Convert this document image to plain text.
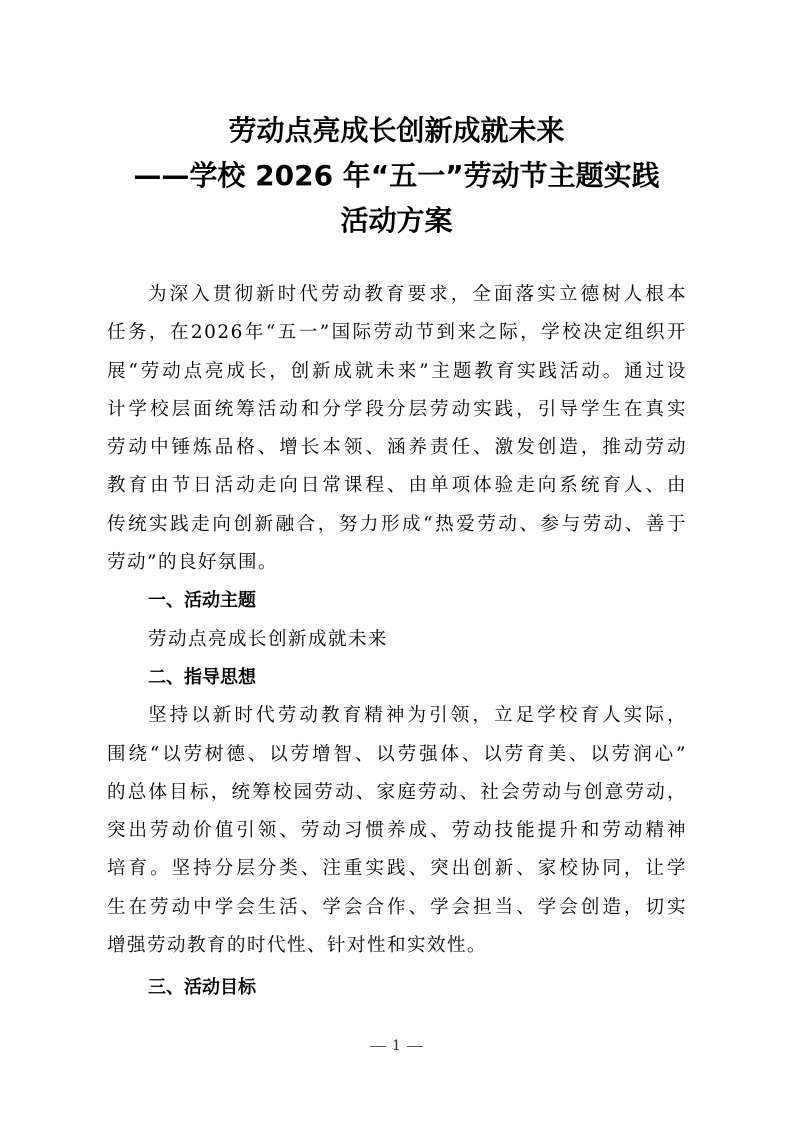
劳动点亮成长创新成就未来
——学校 2026 年“五一”劳动节主题实践
活动方案
为深入贯彻新时代劳动教育要求，全面落实立德树人根本
任务，在2026年“五一”国际劳动节到来之际，学校决定组织开
展“劳动点亮成长，创新成就未来”主题教育实践活动。通过设
计学校层面统筹活动和分学段分层劳动实践，引导学生在真实
劳动中锤炼品格、增长本领、涵养责任、激发创造，推动劳动
教育由节日活动走向日常课程、由单项体验走向系统育人、由
传统实践走向创新融合，努力形成“热爱劳动、参与劳动、善于
劳动”的良好氛围。
一、活动主题
劳动点亮成长创新成就未来
二、指导思想
坚持以新时代劳动教育精神为引领，立足学校育人实际，
围绕“以劳树德、以劳增智、以劳强体、以劳育美、以劳润心”
的总体目标，统筹校园劳动、家庭劳动、社会劳动与创意劳动，
突出劳动价值引领、劳动习惯养成、劳动技能提升和劳动精神
培育。坚持分层分类、注重实践、突出创新、家校协同，让学
生在劳动中学会生活、学会合作、学会担当、学会创造，切实
增强劳动教育的时代性、针对性和实效性。
三、活动目标
1
